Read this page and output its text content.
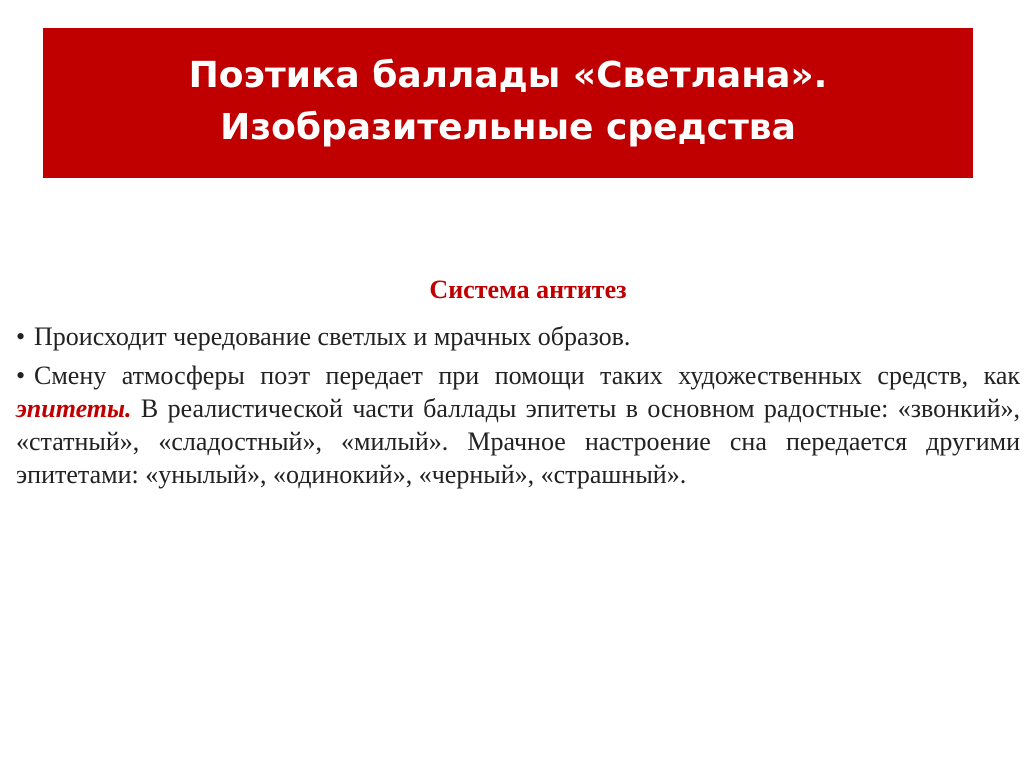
Поэтика баллады «Светлана».
Изобразительные средства
Система антитез

• Происходит чередование светлых и мрачных образов.

• Смену атмосферы поэт передает при помощи таких художественных средств, как эпитеты. В реалистической части баллады эпитеты в основном радостные: «звонкий», «статный», «сладостный», «милый». Мрачное настроение сна передается другими эпитетами: «унылый», «одинокий», «черный», «страшный».
